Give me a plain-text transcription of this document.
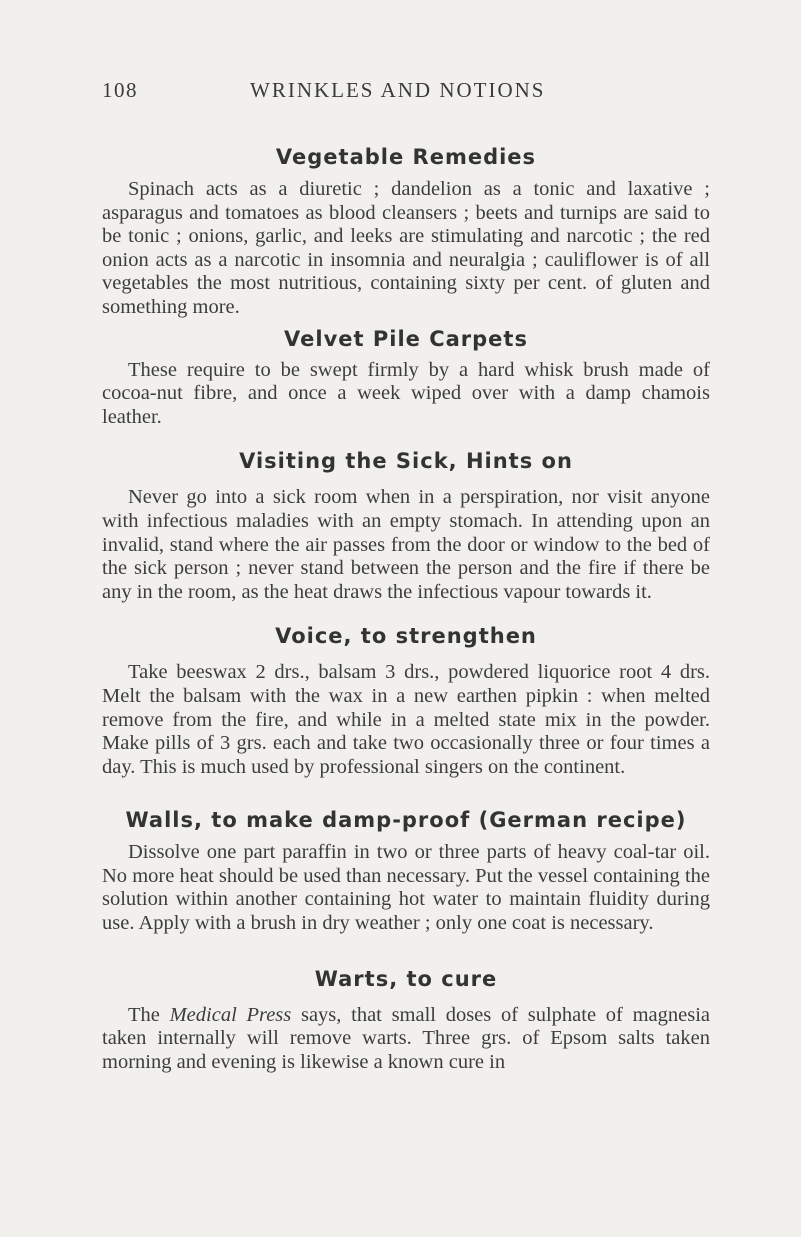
108	WRINKLES AND NOTIONS
Vegetable Remedies

Spinach acts as a diuretic ; dandelion as a tonic and laxative ; asparagus and tomatoes as blood cleansers ; beets and turnips are said to be tonic ; onions, garlic, and leeks are stimulating and narcotic ; the red onion acts as a narcotic in insomnia and neuralgia ; cauliflower is of all vegetables the most nutritious, containing sixty per cent. of gluten and something more.

Velvet Pile Carpets

These require to be swept firmly by a hard whisk brush made of cocoa-nut fibre, and once a week wiped over with a damp chamois leather.

Visiting the Sick, Hints on

Never go into a sick room when in a perspiration, nor visit anyone with infectious maladies with an empty stomach. In attending upon an invalid, stand where the air passes from the door or window to the bed of the sick person ; never stand between the person and the fire if there be any in the room, as the heat draws the infectious vapour towards it.

Voice, to strengthen

Take beeswax 2 drs., balsam 3 drs., powdered liquorice root 4 drs. Melt the balsam with the wax in a new earthen pipkin : when melted remove from the fire, and while in a melted state mix in the powder. Make pills of 3 grs. each and take two occasionally three or four times a day. This is much used by professional singers on the continent.

Walls, to make damp-proof (German recipe)

Dissolve one part paraffin in two or three parts of heavy coal-tar oil. No more heat should be used than necessary. Put the vessel containing the solution within another containing hot water to maintain fluidity during use. Apply with a brush in dry weather ; only one coat is necessary.

Warts, to cure

The Medical Press says, that small doses of sulphate of magnesia taken internally will remove warts. Three grs. of Epsom salts taken morning and evening is likewise a known cure in
